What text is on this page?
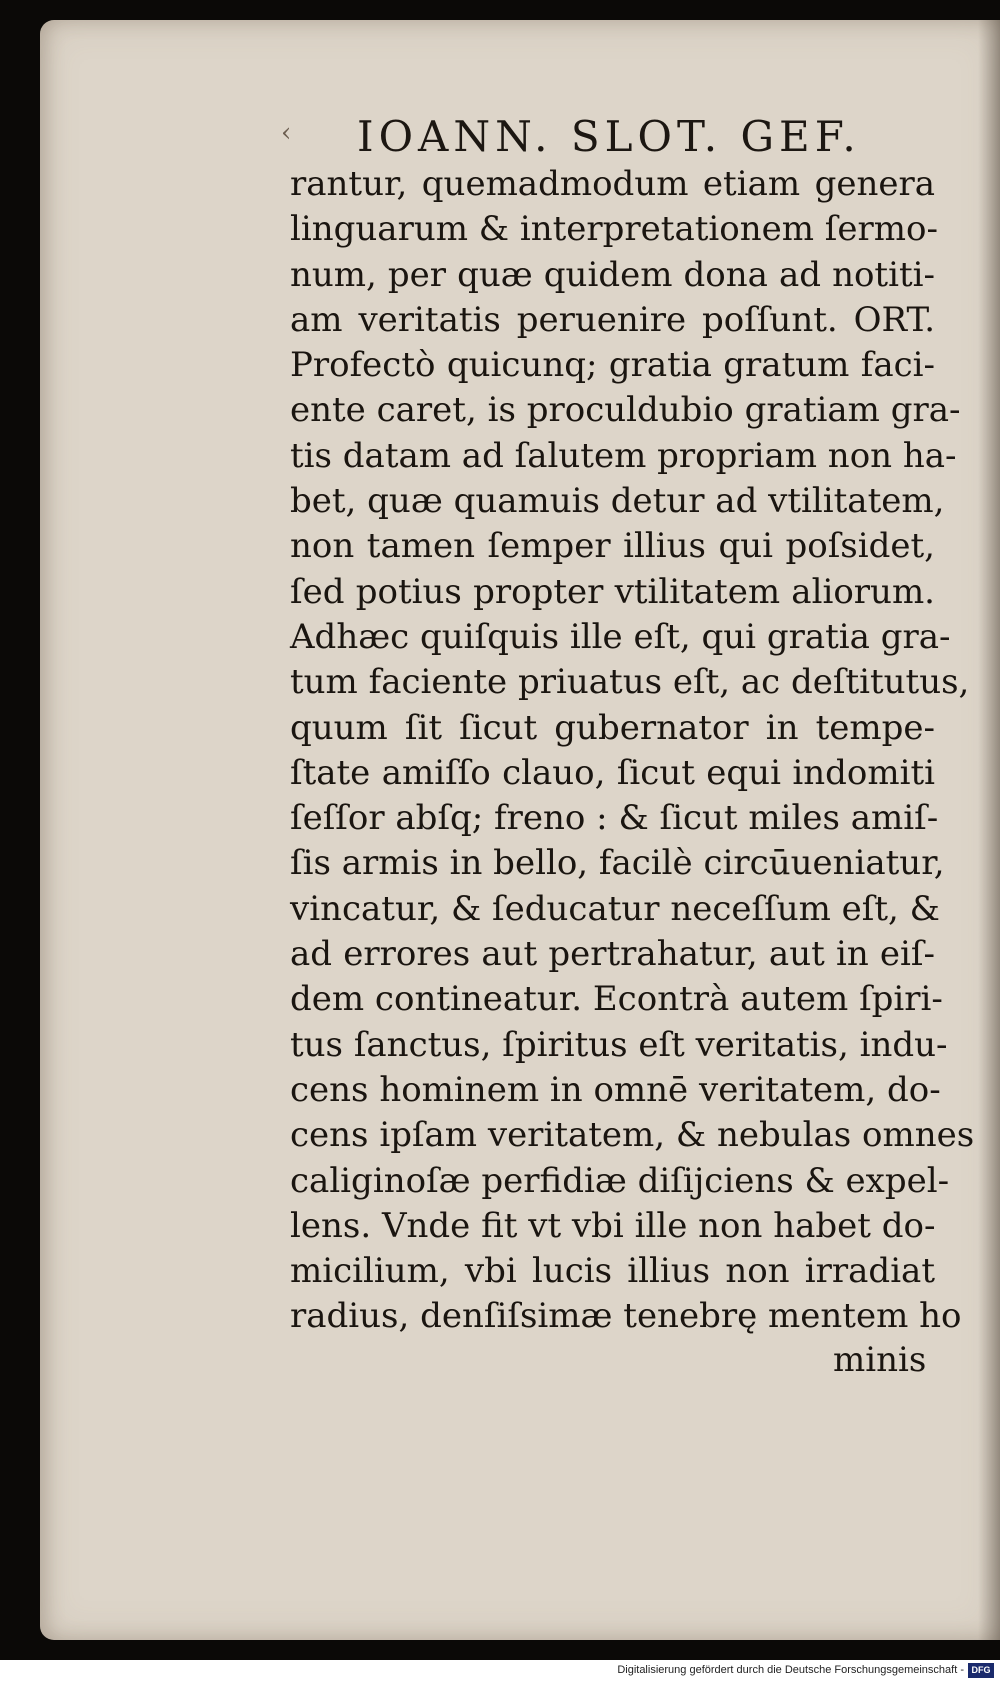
‹ IOANN. SLOT. GEF.
rantur, quemadmodum etiam genera
linguarum & interpretationem ſermo-
num, per quæ quidem dona ad notiti-
am veritatis peruenire poſſunt. ORT.
Profectò quicunq; gratia gratum faci-
ente caret, is proculdubio gratiam gra-
tis datam ad ſalutem propriam non ha-
bet, quæ quamuis detur ad vtilitatem,
non tamen ſemper illius qui poſsidet,
ſed potius propter vtilitatem aliorum.
Adhæc quiſquis ille eſt, qui gratia gra-
tum faciente priuatus eſt, ac deſtitutus,
quum ſit ſicut gubernator in tempe-
ſtate amiſſo clauo, ſicut equi indomiti
ſeſſor abſq; freno : & ſicut miles amiſ-
ſis armis in bello, facilè circūueniatur,
vincatur, & ſeducatur neceſſum eſt, &
ad errores aut pertrahatur, aut in eiſ-
dem contineatur. Econtrà autem ſpiri-
tus ſanctus, ſpiritus eſt veritatis, indu-
cens hominem in omnē veritatem, do-
cens ipſam veritatem, & nebulas omnes
caliginoſæ perfidiæ diſijciens & expel-
lens. Vnde fit vt vbi ille non habet do-
micilium, vbi lucis illius non irradiat
radius, denſiſsimæ tenebrę mentem ho
minis
Digitalisierung gefördert durch die Deutsche Forschungsgemeinschaft - DFG
